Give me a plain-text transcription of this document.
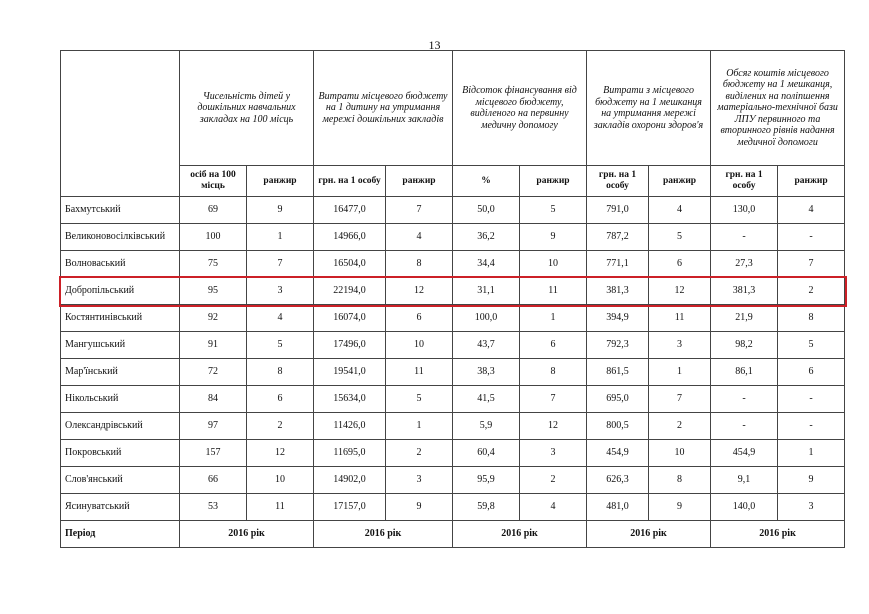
13
	Чисельність дітей у дошкільних навчальних закладах на 100 місць		Витрати місцевого бюджету на 1 дитину на утримання мережі дошкільних закладів		Відсоток фінансування від місцевого бюджету, виділеного на первинну медичну допомогу		Витрати з місцевого бюджету на 1 мешканця на утримання мережі закладів охорони здоров'я		Обсяг коштів місцевого бюджету на 1 мешканця, виділених на поліпшення матеріально-технічної бази ЛПУ первинного та вторинного рівнів надання медичної допомоги	
	осіб на 100 місць	ранжир	грн. на 1 особу	ранжир	%	ранжир	грн. на 1 особу	ранжир	грн. на 1 особу	ранжир
Бахмутський	69	9	16477,0	7	50,0	5	791,0	4	130,0	4
Великоновосілківський	100	1	14966,0	4	36,2	9	787,2	5	-	-
Волноваський	75	7	16504,0	8	34,4	10	771,1	6	27,3	7
Добропільський	95	3	22194,0	12	31,1	11	381,3	12	381,3	2
Костянтинівський	92	4	16074,0	6	100,0	1	394,9	11	21,9	8
Мангушський	91	5	17496,0	10	43,7	6	792,3	3	98,2	5
Мар'їнський	72	8	19541,0	11	38,3	8	861,5	1	86,1	6
Нікольський	84	6	15634,0	5	41,5	7	695,0	7	-	-
Олександрівський	97	2	11426,0	1	5,9	12	800,5	2	-	-
Покровський	157	12	11695,0	2	60,4	3	454,9	10	454,9	1
Слов'янський	66	10	14902,0	3	95,9	2	626,3	8	9,1	9
Ясинуватський	53	11	17157,0	9	59,8	4	481,0	9	140,0	3
Період	2016 рік		2016 рік		2016 рік		2016 рік		2016 рік	
